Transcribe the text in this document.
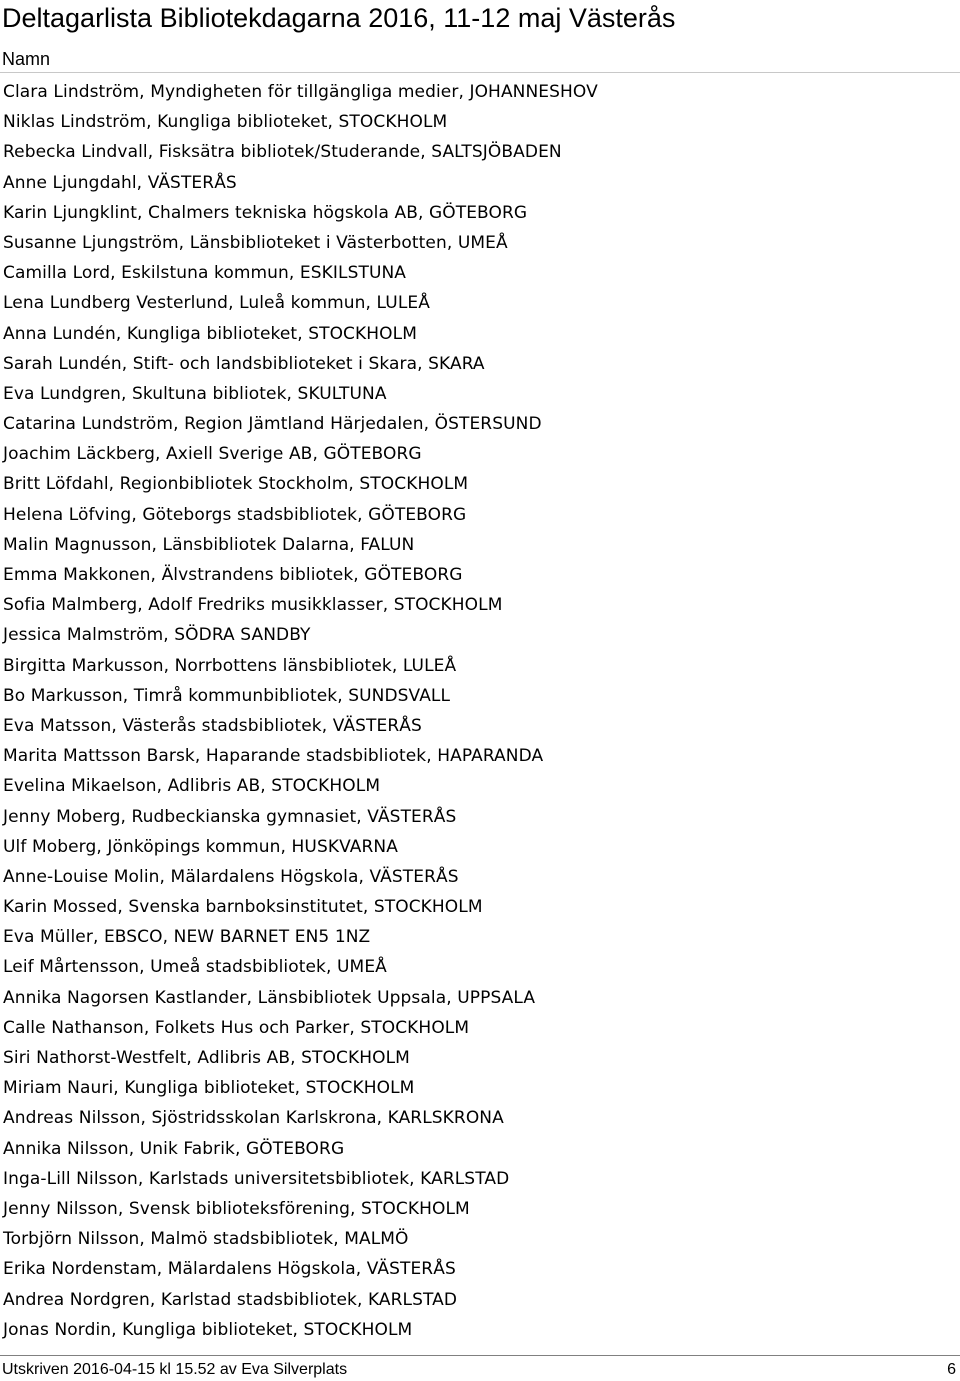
Deltagarlista Bibliotekdagarna 2016, 11-12 maj Västerås
Namn
Clara Lindström, Myndigheten för tillgängliga medier, JOHANNESHOV
Niklas Lindström, Kungliga biblioteket, STOCKHOLM
Rebecka Lindvall, Fisksätra bibliotek/Studerande, SALTSJÖBADEN
Anne Ljungdahl, VÄSTERÅS
Karin Ljungklint, Chalmers tekniska högskola AB, GÖTEBORG
Susanne Ljungström, Länsbiblioteket i Västerbotten, UMEÅ
Camilla Lord, Eskilstuna kommun, ESKILSTUNA
Lena Lundberg Vesterlund, Luleå kommun, LULEÅ
Anna Lundén, Kungliga biblioteket, STOCKHOLM
Sarah Lundén, Stift- och landsbiblioteket i Skara, SKARA
Eva Lundgren, Skultuna bibliotek, SKULTUNA
Catarina Lundström, Region Jämtland Härjedalen, ÖSTERSUND
Joachim Läckberg, Axiell Sverige AB, GÖTEBORG
Britt Löfdahl, Regionbibliotek Stockholm, STOCKHOLM
Helena Löfving, Göteborgs stadsbibliotek, GÖTEBORG
Malin Magnusson, Länsbibliotek Dalarna, FALUN
Emma Makkonen, Älvstrandens bibliotek, GÖTEBORG
Sofia Malmberg, Adolf Fredriks musikklasser, STOCKHOLM
Jessica Malmström, SÖDRA SANDBY
Birgitta Markusson, Norrbottens länsbibliotek, LULEÅ
Bo Markusson, Timrå kommunbibliotek, SUNDSVALL
Eva Matsson, Västerås stadsbibliotek, VÄSTERÅS
Marita Mattsson Barsk, Haparande stadsbibliotek, HAPARANDA
Evelina Mikaelson, Adlibris AB, STOCKHOLM
Jenny Moberg, Rudbeckianska gymnasiet, VÄSTERÅS
Ulf Moberg, Jönköpings kommun, HUSKVARNA
Anne-Louise Molin, Mälardalens Högskola, VÄSTERÅS
Karin Mossed, Svenska barnboksinstitutet, STOCKHOLM
Eva Müller, EBSCO, NEW BARNET EN5 1NZ
Leif Mårtensson, Umeå stadsbibliotek, UMEÅ
Annika Nagorsen Kastlander, Länsbibliotek Uppsala, UPPSALA
Calle Nathanson, Folkets Hus och Parker, STOCKHOLM
Siri Nathorst-Westfelt, Adlibris AB, STOCKHOLM
Miriam Nauri, Kungliga biblioteket, STOCKHOLM
Andreas Nilsson, Sjöstridsskolan Karlskrona, KARLSKRONA
Annika Nilsson, Unik Fabrik, GÖTEBORG
Inga-Lill Nilsson, Karlstads universitetsbibliotek, KARLSTAD
Jenny Nilsson, Svensk biblioteksförening, STOCKHOLM
Torbjörn Nilsson, Malmö stadsbibliotek, MALMÖ
Erika Nordenstam, Mälardalens Högskola, VÄSTERÅS
Andrea Nordgren, Karlstad stadsbibliotek, KARLSTAD
Jonas Nordin, Kungliga biblioteket, STOCKHOLM
Utskriven 2016-04-15 kl 15.52 av Eva Silverplats	6
